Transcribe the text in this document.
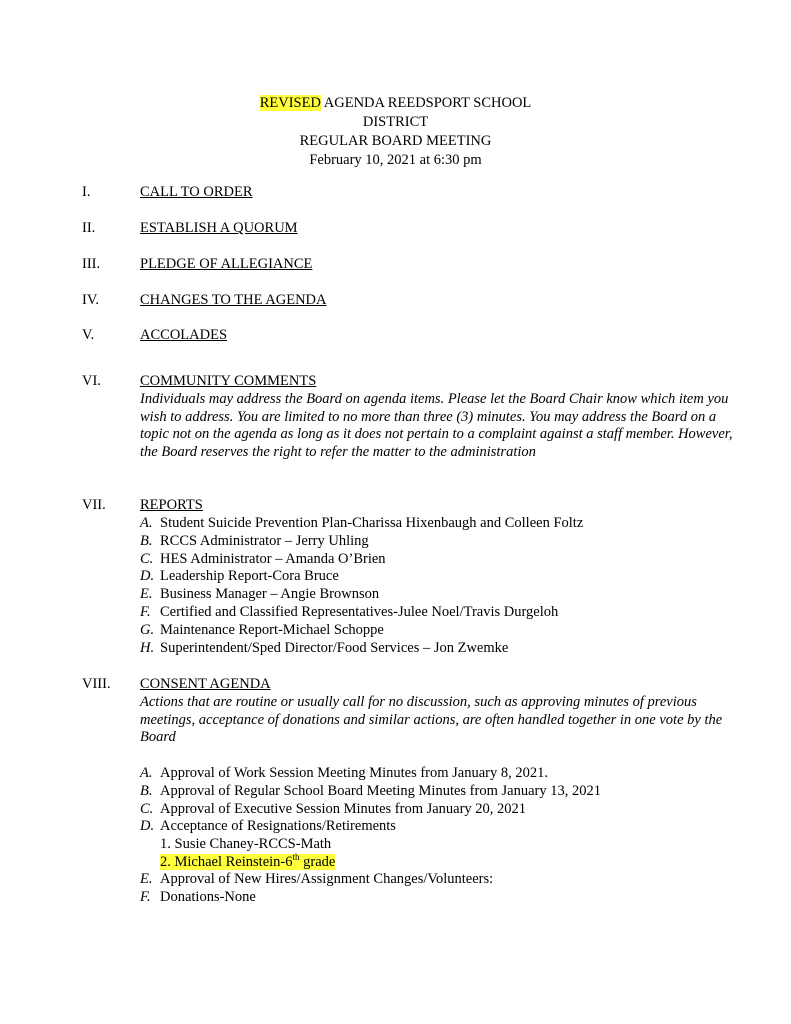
REVISED AGENDA REEDSPORT SCHOOL
DISTRICT
REGULAR BOARD MEETING
February 10, 2021 at 6:30 pm
I.	CALL TO ORDER
II.	ESTABLISH A QUORUM
III.	PLEDGE OF ALLEGIANCE
IV.	CHANGES TO THE AGENDA
V.	ACCOLADES
VI.	COMMUNITY COMMENTS
Individuals may address the Board on agenda items. Please let the Board Chair know which item you wish to address. You are limited to no more than three (3) minutes. You may address the Board on a topic not on the agenda as long as it does not pertain to a complaint against a staff member. However, the Board reserves the right to refer the matter to the administration
VII.	REPORTS
A. Student Suicide Prevention Plan-Charissa Hixenbaugh and Colleen Foltz
B. RCCS Administrator – Jerry Uhling
C. HES Administrator – Amanda O’Brien
D. Leadership Report-Cora Bruce
E. Business Manager – Angie Brownson
F. Certified and Classified Representatives-Julee Noel/Travis Durgeloh
G. Maintenance Report-Michael Schoppe
H. Superintendent/Sped Director/Food Services – Jon Zwemke
VIII.	CONSENT AGENDA
Actions that are routine or usually call for no discussion, such as approving minutes of previous meetings, acceptance of donations and similar actions, are often handled together in one vote by the Board
A. Approval of Work Session Meeting Minutes from January 8, 2021.
B. Approval of Regular School Board Meeting Minutes from January 13, 2021
C. Approval of Executive Session Minutes from January 20, 2021
D. Acceptance of Resignations/Retirements
1. Susie Chaney-RCCS-Math
2. Michael Reinstein-6th grade
E. Approval of New Hires/Assignment Changes/Volunteers:
F. Donations-None
